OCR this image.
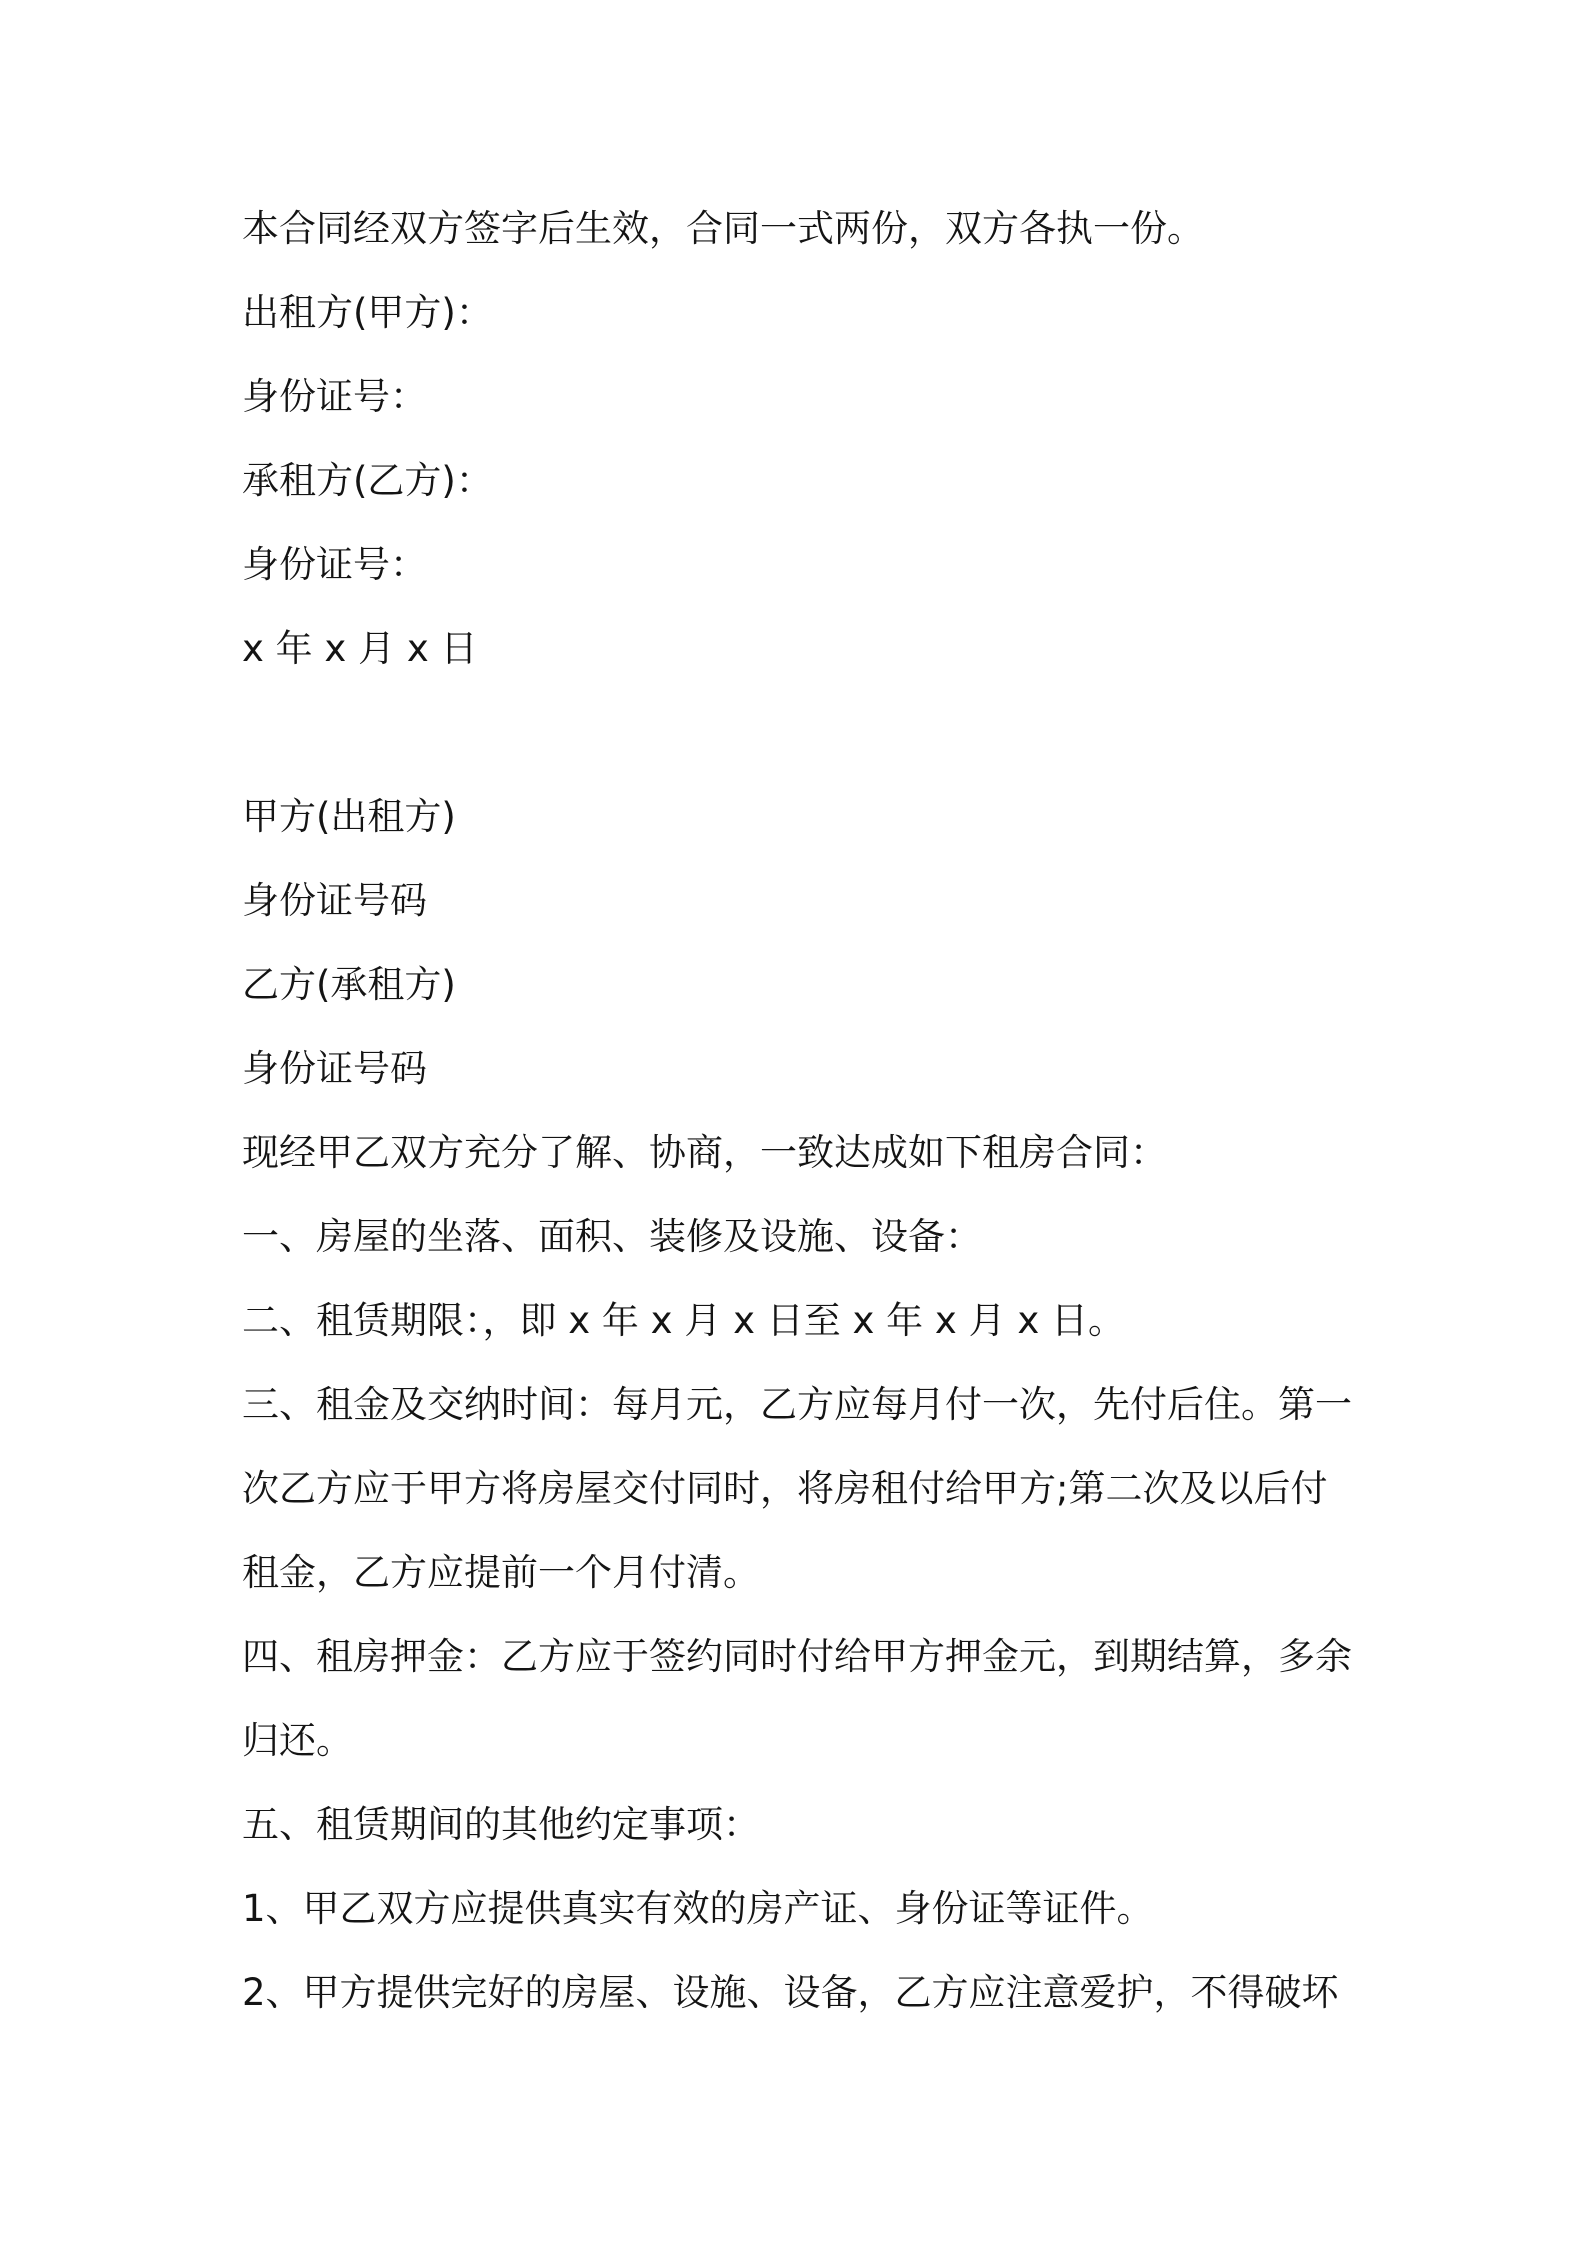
本合同经双方签字后生效，合同一式两份，双方各执一份。
出租方(甲方)：
身份证号：
承租方(乙方)：
身份证号：
x 年 x 月 x 日
甲方(出租方)
身份证号码
乙方(承租方)
身份证号码
现经甲乙双方充分了解、协商，一致达成如下租房合同：
一、房屋的坐落、面积、装修及设施、设备：
二、租赁期限：，即 x 年 x 月 x 日至 x 年 x 月 x 日。
三、租金及交纳时间：每月元，乙方应每月付一次，先付后住。第一
次乙方应于甲方将房屋交付同时，将房租付给甲方;第二次及以后付
租金，乙方应提前一个月付清。
四、租房押金：乙方应于签约同时付给甲方押金元，到期结算，多余
归还。
五、租赁期间的其他约定事项：
1、甲乙双方应提供真实有效的房产证、身份证等证件。
2、甲方提供完好的房屋、设施、设备，乙方应注意爱护，不得破坏
